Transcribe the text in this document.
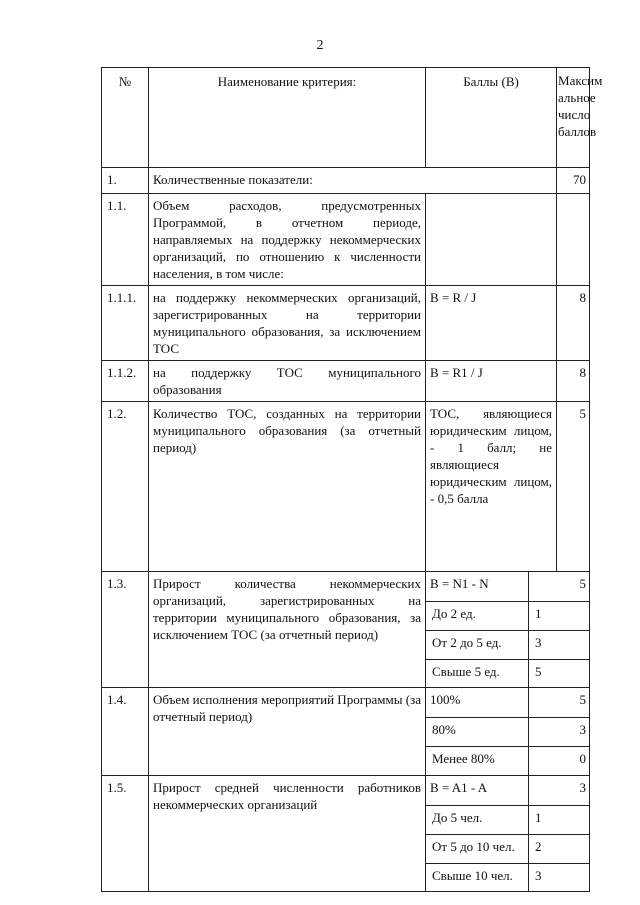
2
№	Наименование критерия:	Баллы (В)		Максим альное число баллов
1.	Количественные показатели:			70
1.1.	Объем расходов, предусмотренных Программой, в отчетном периоде, направляемых на поддержку некоммерческих организаций, по отношению к численности населения, в том числе:			
1.1.1.	на поддержку некоммерческих организаций, зарегистрированных на территории муниципального образования, за исключением ТОС	B = R / J		8
1.1.2.	на поддержку ТОС муниципального образования	B = R1 / J		8
1.2.	Количество ТОС, созданных на территории муниципального образования (за отчетный период)	ТОС, являющиеся юридическим лицом, - 1 балл; не являющиеся юридическим лицом, - 0,5 балла		5
1.3.	Прирост количества некоммерческих организаций, зарегистрированных на территории муниципального образования, за исключением ТОС (за отчетный период)	B = N1 - N	5	
		До 2 ед.	1	
		От 2 до 5 ед.	3	
		Свыше 5 ед.	5	
1.4.	Объем исполнения мероприятий Программы (за отчетный период)	100%	5	
		80%	3	
		Менее 80%	0	
1.5.	Прирост средней численности работников некоммерческих организаций	B = A1 - A	3	
		До 5 чел.	1	
		От 5 до 10 чел.	2	
		Свыше 10 чел.	3	
